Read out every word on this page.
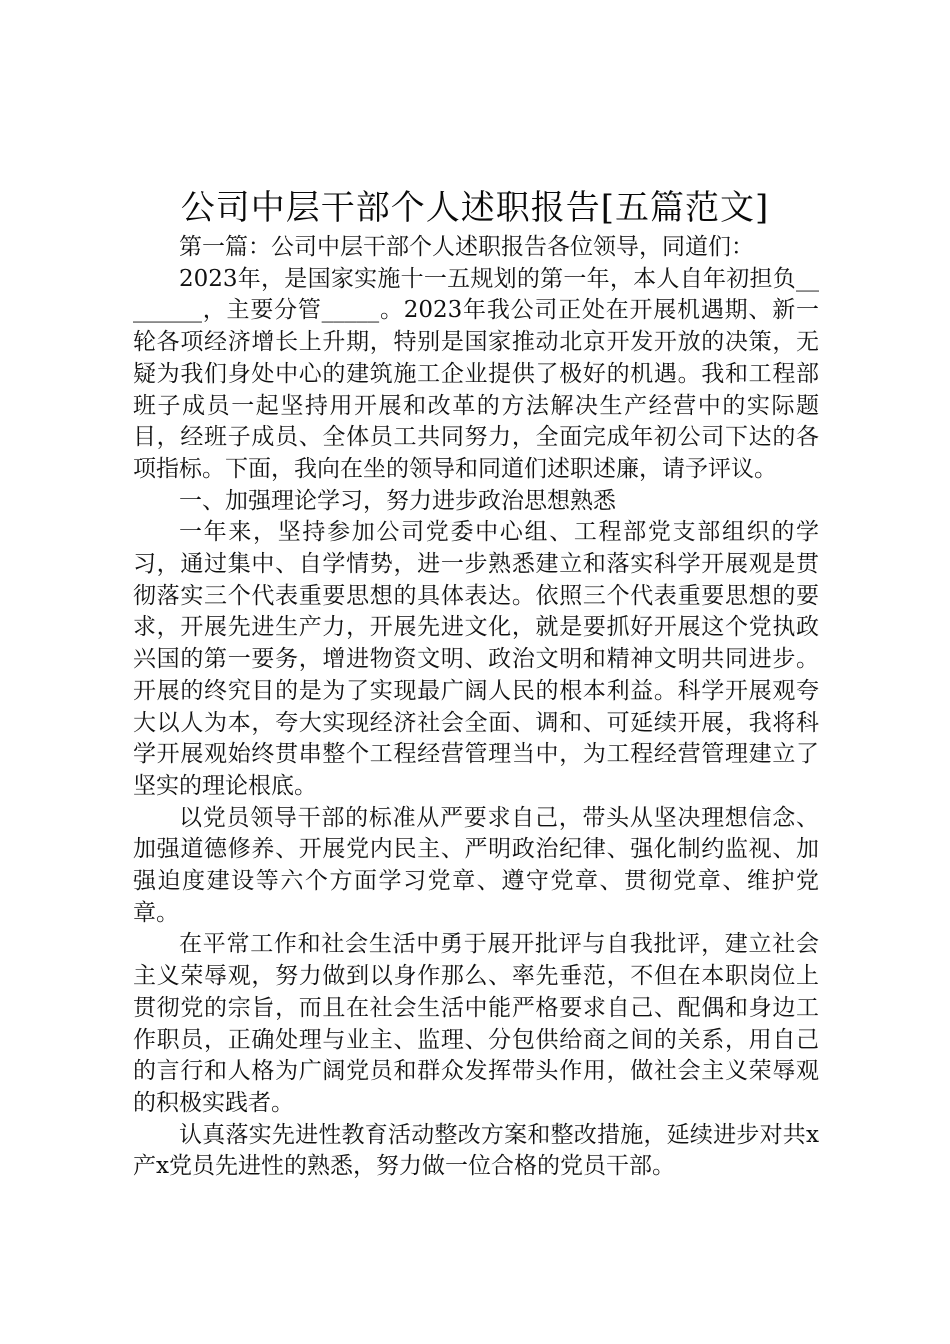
公司中层干部个人述职报告[五篇范文]

第一篇：公司中层干部个人述职报告各位领导，同道们：

2023年，是国家实施十一五规划的第一年，本人自年初担负________，主要分管_____。2023年我公司正处在开展机遇期、新一轮各项经济增长上升期，特别是国家推动北京开发开放的决策，无疑为我们身处中心的建筑施工企业提供了极好的机遇。我和工程部班子成员一起坚持用开展和改革的方法解决生产经营中的实际题目，经班子成员、全体员工共同努力，全面完成年初公司下达的各项指标。下面，我向在坐的领导和同道们述职述廉，请予评议。

一、加强理论学习，努力进步政治思想熟悉

一年来，坚持参加公司党委中心组、工程部党支部组织的学习，通过集中、自学情势，进一步熟悉建立和落实科学开展观是贯彻落实三个代表重要思想的具体表达。依照三个代表重要思想的要求，开展先进生产力，开展先进文化，就是要抓好开展这个党执政兴国的第一要务，增进物资文明、政治文明和精神文明共同进步。开展的终究目的是为了实现最广阔人民的根本利益。科学开展观夸大以人为本，夸大实现经济社会全面、调和、可延续开展，我将科学开展观始终贯串整个工程经营管理当中，为工程经营管理建立了坚实的理论根底。

以党员领导干部的标准从严要求自己，带头从坚决理想信念、加强道德修养、开展党内民主、严明政治纪律、强化制约监视、加强迫度建设等六个方面学习党章、遵守党章、贯彻党章、维护党章。

在平常工作和社会生活中勇于展开批评与自我批评，建立社会主义荣辱观，努力做到以身作那么、率先垂范，不但在本职岗位上贯彻党的宗旨，而且在社会生活中能严格要求自己、配偶和身边工作职员，正确处理与业主、监理、分包供给商之间的关系，用自己的言行和人格为广阔党员和群众发挥带头作用，做社会主义荣辱观的积极实践者。

认真落实先进性教育活动整改方案和整改措施，延续进步对共x产x党员先进性的熟悉，努力做一位合格的党员干部。
